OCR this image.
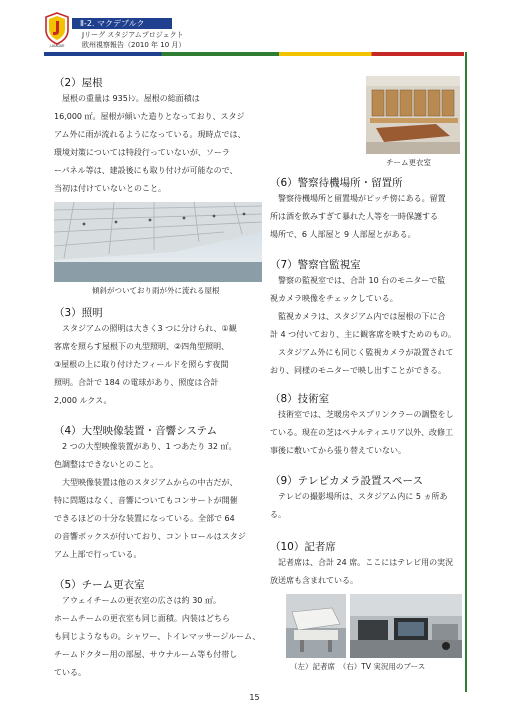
J.LEAGUE
Ⅱ-2. マクデブルク
Jリーグ スタジアムプロジェクト
欧州視察報告（2010 年 10 月）
（2）屋根
　屋根の重量は 935ﾄﾝ。屋根の総面積は
16,000 ㎡。屋根が傾いた造りとなっており、スタジ
アム外に雨が流れるようになっている。現時点では、
環境対策については特段行っていないが、ソーラ
ーパネル等は、建設後にも取り付けが可能なので、
当初は付けていないとのこと。
傾斜がついており雨が外に流れる屋根
（3）照明
　スタジアムの照明は大きく3 つに分けられ、①観
客席を照らす屋根下の丸型照明、②四角型照明、
③屋根の上に取り付けたフィールドを照らす夜間
照明。合計で 184 の電球があり、照度は合計
2,000 ルクス。
（4）大型映像装置・音響システム
　2 つの大型映像装置があり、1 つあたり 32 ㎡。
色調整はできないとのこと。
　大型映像装置は他のスタジアムからの中古だが、
特に問題はなく、音響についてもコンサートが開催
できるほどの十分な装置になっている。全部で 64
の音響ボックスが付いており、コントロールはスタジ
アム上部で行っている。
（5）チーム更衣室
　アウェイチームの更衣室の広さは約 30 ㎡。
ホームチームの更衣室も同じ面積。内装はどちら
も同じようなもの。シャワー、トイレマッサージルーム、
チームドクター用の部屋、サウナルーム等も付帯し
ている。
チーム更衣室
（6）警察待機場所・留置所
　警察待機場所と留置場がピッチ傍にある。留置
所は酒を飲みすぎて暴れた人等を一時保護する
場所で、6 人部屋と 9 人部屋とがある。
（7）警察官監視室
　警察の監視室では、合計 10 台のモニターで監
視カメラ映像をチェックしている。
　監視カメラは、スタジアム内では屋根の下に合
計 4 つ付いており、主に観客席を映すためのもの。
　スタジアム外にも同じく監視カメラが設置されて
おり、同様のモニターで映し出すことができる。
（8）技術室
　技術室では、芝暖房やスプリンクラーの調整をし
ている。現在の芝はペナルティエリア以外、改修工
事後に敷いてから張り替えていない。
（9）テレビカメラ設置スペース
　テレビの撮影場所は、スタジアム内に 5 ヵ所あ
る。
（10）記者席
　記者席は、合計 24 席。ここにはテレビ用の実況
放送席も含まれている。
（左）記者席　（右）TV 実況用のブース
15
